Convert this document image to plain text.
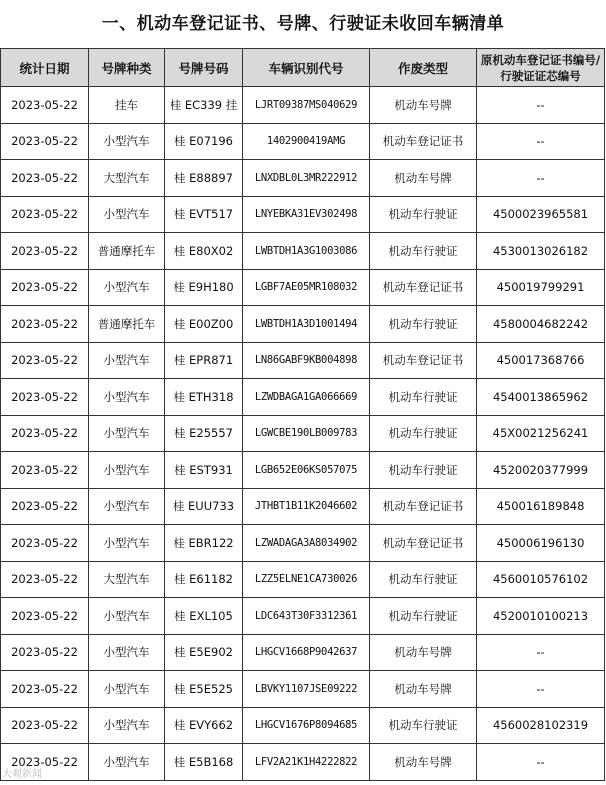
一、机动车登记证书、号牌、行驶证未收回车辆清单
统计日期	号牌种类	号牌号码	车辆识别代号	作废类型	原机动车登记证书编号/行驶证证芯编号
2023-05-22	挂车	桂 EC339 挂	LJRT09387MS040629	机动车号牌	--
2023-05-22	小型汽车	桂 E07196	1402900419AMG	机动车登记证书	--
2023-05-22	大型汽车	桂 E88897	LNXDBL0L3MR222912	机动车号牌	--
2023-05-22	小型汽车	桂 EVT517	LNYEBKA31EV302498	机动车行驶证	4500023965581
2023-05-22	普通摩托车	桂 E80X02	LWBTDH1A3G1003086	机动车行驶证	4530013026182
2023-05-22	小型汽车	桂 E9H180	LGBF7AE05MR108032	机动车登记证书	450019799291
2023-05-22	普通摩托车	桂 E00Z00	LWBTDH1A3D1001494	机动车行驶证	4580004682242
2023-05-22	小型汽车	桂 EPR871	LN86GABF9KB004898	机动车登记证书	450017368766
2023-05-22	小型汽车	桂 ETH318	LZWDBAGA1GA066669	机动车行驶证	4540013865962
2023-05-22	小型汽车	桂 E25557	LGWCBE190LB009783	机动车行驶证	45X0021256241
2023-05-22	小型汽车	桂 EST931	LGB652E06KS057075	机动车行驶证	4520020377999
2023-05-22	小型汽车	桂 EUU733	JTHBT1B11K2046602	机动车登记证书	450016189848
2023-05-22	小型汽车	桂 EBR122	LZWADAGA3A8034902	机动车登记证书	450006196130
2023-05-22	大型汽车	桂 E61182	LZZ5ELNE1CA730026	机动车行驶证	4560010576102
2023-05-22	小型汽车	桂 EXL105	LDC643T30F3312361	机动车行驶证	4520010100213
2023-05-22	小型汽车	桂 E5E902	LHGCV1668P9042637	机动车号牌	--
2023-05-22	小型汽车	桂 E5E525	LBVKY1107JSE09222	机动车号牌	--
2023-05-22	小型汽车	桂 EVY662	LHGCV1676P8094685	机动车行驶证	4560028102319
2023-05-22	小型汽车	桂 E5B168	LFV2A21K1H4222822	机动车号牌	--
大观新闻
